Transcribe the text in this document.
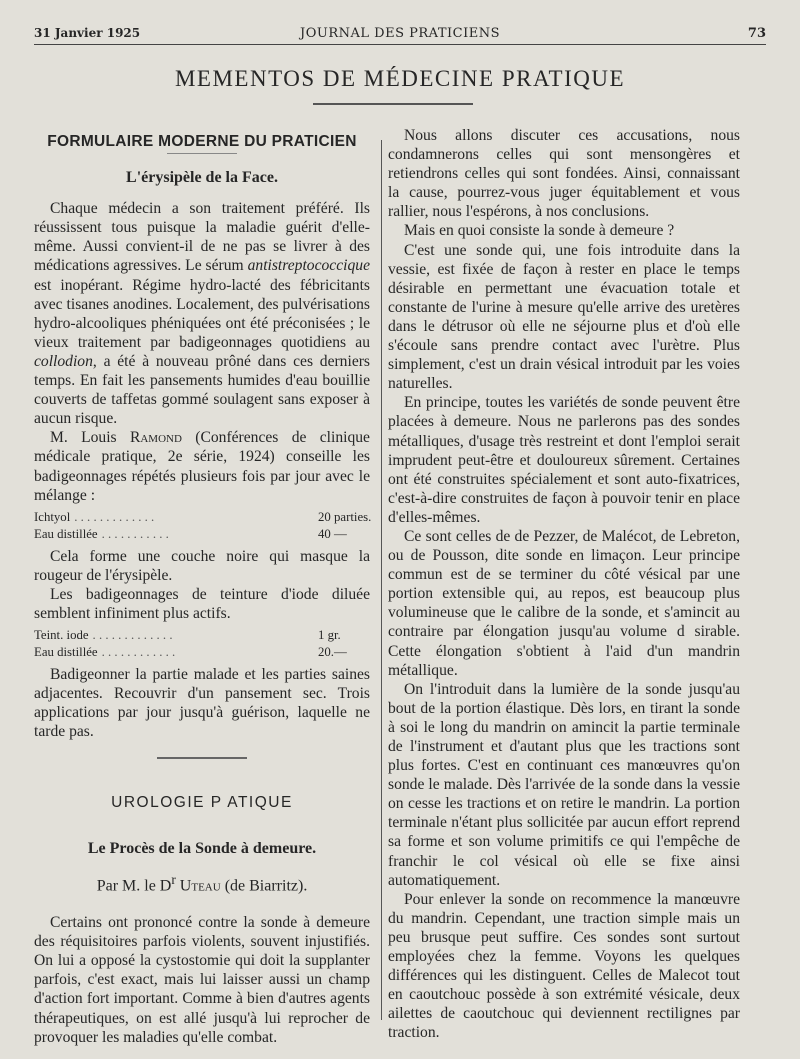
31 Janvier 1925	JOURNAL DES PRATICIENS	73
MEMENTOS DE MÉDECINE PRATIQUE
FORMULAIRE MODERNE DU PRATICIEN
L'érysipèle de la Face.

Chaque médecin a son traitement préféré. Ils réussissent tous puisque la maladie guérit d'elle-même. Aussi convient-il de ne pas se livrer à des médications agressives. Le sérum antistreptococcique est inopérant. Régime hydro-lacté des fébricitants avec tisanes anodines. Localement, des pulvérisations hydro-alcooliques phéniquées ont été préconisées ; le vieux traitement par badigeonnages quotidiens au collodion, a été à nouveau prôné dans ces derniers temps. En fait les pansements humides d'eau bouillie couverts de taffetas gommé soulagent sans exposer à aucun risque.

M. Louis Ramond (Conférences de clinique médicale pratique, 2e série, 1924) conseille les badigeonnages répétés plusieurs fois par jour avec le mélange :

Ichtyol . . . . . . . . . . . . .	20 parties.
Eau distillée . . . . . . . . . . .	40 —

Cela forme une couche noire qui masque la rougeur de l'érysipèle.

Les badigeonnages de teinture d'iode diluée semblent infiniment plus actifs.

Teint. iode . . . . . . . . . . . . .	1 gr.
Eau distillée . . . . . . . . . . . .	20.—

Badigeonner la partie malade et les parties saines adjacentes. Recouvrir d'un pansement sec. Trois applications par jour jusqu'à guérison, laquelle ne tarde pas.

UROLOGIE P ATIQUE
Le Procès de la Sonde à demeure.
Par M. le $D^r$ Uteau (de Biarritz).

Certains ont prononcé contre la sonde à demeure des réquisitoires parfois violents, souvent injustifiés. On lui a opposé la cystostomie qui doit la supplanter parfois, c'est exact, mais lui laisser aussi un champ d'action fort important. Comme à bien d'autres agents thérapeutiques, on est allé jusqu'à lui reprocher de provoquer les maladies qu'elle combat.

Nous allons discuter ces accusations, nous condamnerons celles qui sont mensongères et retiendrons celles qui sont fondées. Ainsi, connaissant la cause, pourrez-vous juger équitablement et vous rallier, nous l'espérons, à nos conclusions.

Mais en quoi consiste la sonde à demeure ?

C'est une sonde qui, une fois introduite dans la vessie, est fixée de façon à rester en place le temps désirable en permettant une évacuation totale et constante de l'urine à mesure qu'elle arrive des uretères dans le détrusor où elle ne séjourne plus et d'où elle s'écoule sans prendre contact avec l'urètre. Plus simplement, c'est un drain vésical introduit par les voies naturelles.

En principe, toutes les variétés de sonde peuvent être placées à demeure. Nous ne parlerons pas des sondes métalliques, d'usage très restreint et dont l'emploi serait imprudent peut-être et douloureux sûrement. Certaines ont été construites spécialement et sont auto-fixatrices, c'est-à-dire construites de façon à pouvoir tenir en place d'elles-mêmes.

Ce sont celles de de Pezzer, de Malécot, de Lebreton, ou de Pousson, dite sonde en limaçon. Leur principe commun est de se terminer du côté vésical par une portion extensible qui, au repos, est beaucoup plus volumineuse que le calibre de la sonde, et s'amincit au contraire par élongation jusqu'au volume d sirable. Cette élongation s'obtient à l'aid d'un mandrin métallique.

On l'introduit dans la lumière de la sonde jusqu'au bout de la portion élastique. Dès lors, en tirant la sonde à soi le long du mandrin on amincit la partie terminale de l'instrument et d'autant plus que les tractions sont plus fortes. C'est en continuant ces manœuvres qu'on sonde le malade. Dès l'arrivée de la sonde dans la vessie on cesse les tractions et on retire le mandrin. La portion terminale n'étant plus sollicitée par aucun effort reprend sa forme et son volume primitifs ce qui l'empêche de franchir le col vésical où elle se fixe ainsi automatiquement.

Pour enlever la sonde on recommence la manœuvre du mandrin. Cependant, une traction simple mais un peu brusque peut suffire. Ces sondes sont surtout employées chez la femme. Voyons les quelques différences qui les distinguent. Celles de Malecot tout en caoutchouc possède à son extrémité vésicale, deux ailettes de caoutchouc qui deviennent rectilignes par traction.
